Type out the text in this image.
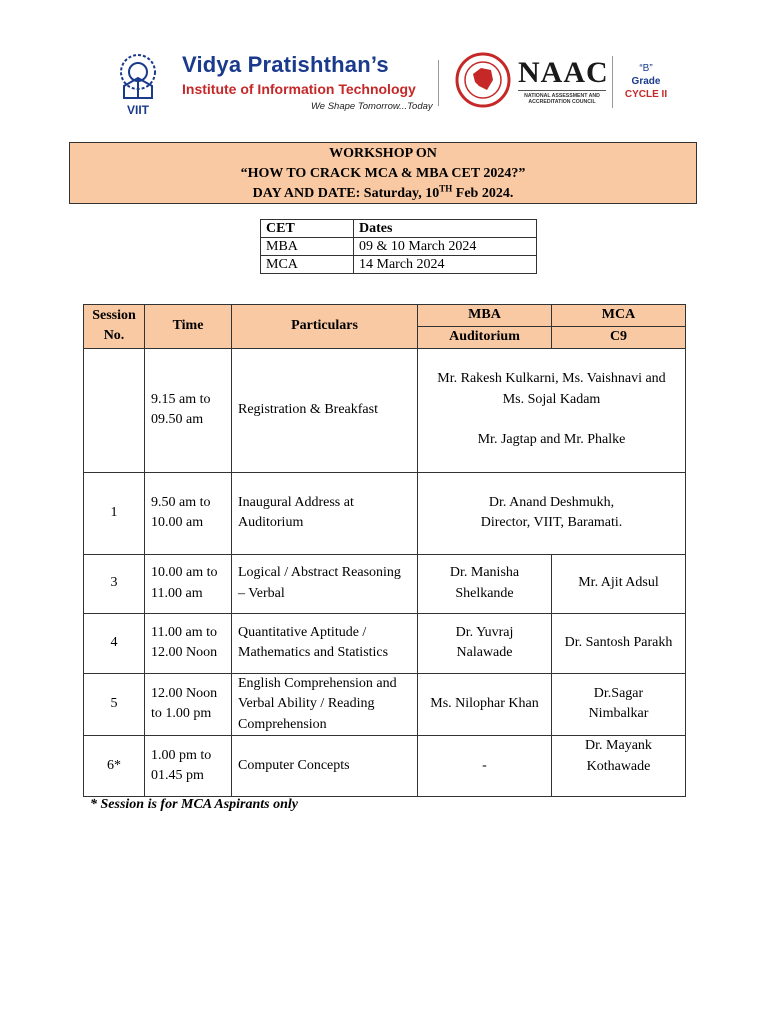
VIIT
Vidya Pratishthan’s
Institute of Information Technology
We Shape Tomorrow...Today
NAAC
NATIONAL ASSESSMENT AND ACCREDITATION COUNCIL
“B”
Grade
CYCLE II
WORKSHOP ON
“HOW TO CRACK MCA & MBA CET 2024?”
DAY AND DATE: Saturday, 10TH Feb 2024.
CET	Dates
MBA	09 & 10 March 2024
MCA	14 March 2024
Session No.	Time	Particulars	MBA	MCA
			Auditorium	C9
	9.15 am to 09.50 am	Registration & Breakfast	Mr. Rakesh Kulkarni, Ms. Vaishnavi and Ms. Sojal Kadam
Mr. Jagtap and Mr. Phalke	

1	9.50 am to 10.00 am	Inaugural Address at Auditorium	Dr. Anand Deshmukh, Director, VIIT, Baramati.	
3	10.00 am to 11.00 am	Logical / Abstract Reasoning – Verbal	Dr. Manisha Shelkande	Mr. Ajit Adsul
4	11.00 am to 12.00 Noon	Quantitative Aptitude / Mathematics and Statistics	Dr. Yuvraj Nalawade	Dr. Santosh Parakh
5	12.00 Noon to 1.00 pm	English Comprehension and Verbal Ability / Reading Comprehension	Ms. Nilophar Khan	Dr.Sagar Nimbalkar
6*	1.00 pm to 01.45 pm	Computer Concepts	-	Dr. Mayank Kothawade
* Session is for MCA Aspirants only
